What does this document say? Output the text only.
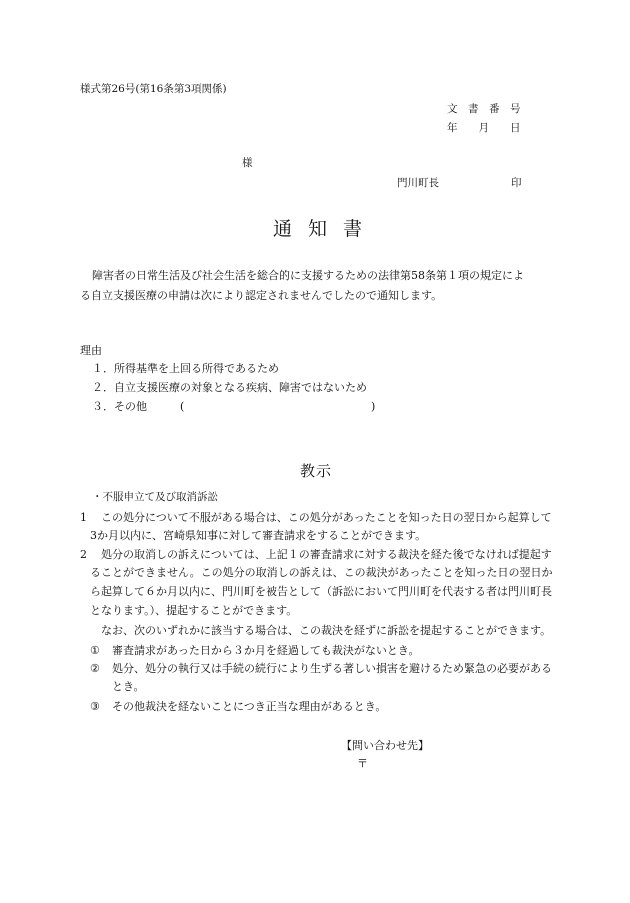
様式第26号(第16条第3項関係)
文　書　番　号
年　　月　　日
様
門川町長	印
通知書
障害者の日常生活及び社会生活を総合的に支援するための法律第58条第１項の規定によ
る自立支援医療の申請は次により認定されませんでしたので通知します。
理由
１．所得基準を上回る所得であるため
２．自立支援医療の対象となる疾病、障害ではないため
３．その他	(	)
教示
・不服申立て及び取消訴訟
1 この処分について不服がある場合は、この処分があったことを知った日の翌日から起算して
3か月以内に、宮崎県知事に対して審査請求をすることができます。
2 処分の取消しの訴えについては、上記１の審査請求に対する裁決を経た後でなければ提起す
ることができません。この処分の取消しの訴えは、この裁決があったことを知った日の翌日か
ら起算して６か月以内に、門川町を被告として（訴訟において門川町を代表する者は門川町長
となります。）、提起することができます。
なお、次のいずれかに該当する場合は、この裁決を経ずに訴訟を提起することができます。
① 審査請求があった日から３か月を経過しても裁決がないとき。
② 処分、処分の執行又は手続の続行により生ずる著しい損害を避けるため緊急の必要がある
とき。
③ その他裁決を経ないことにつき正当な理由があるとき。
【問い合わせ先】
〒
